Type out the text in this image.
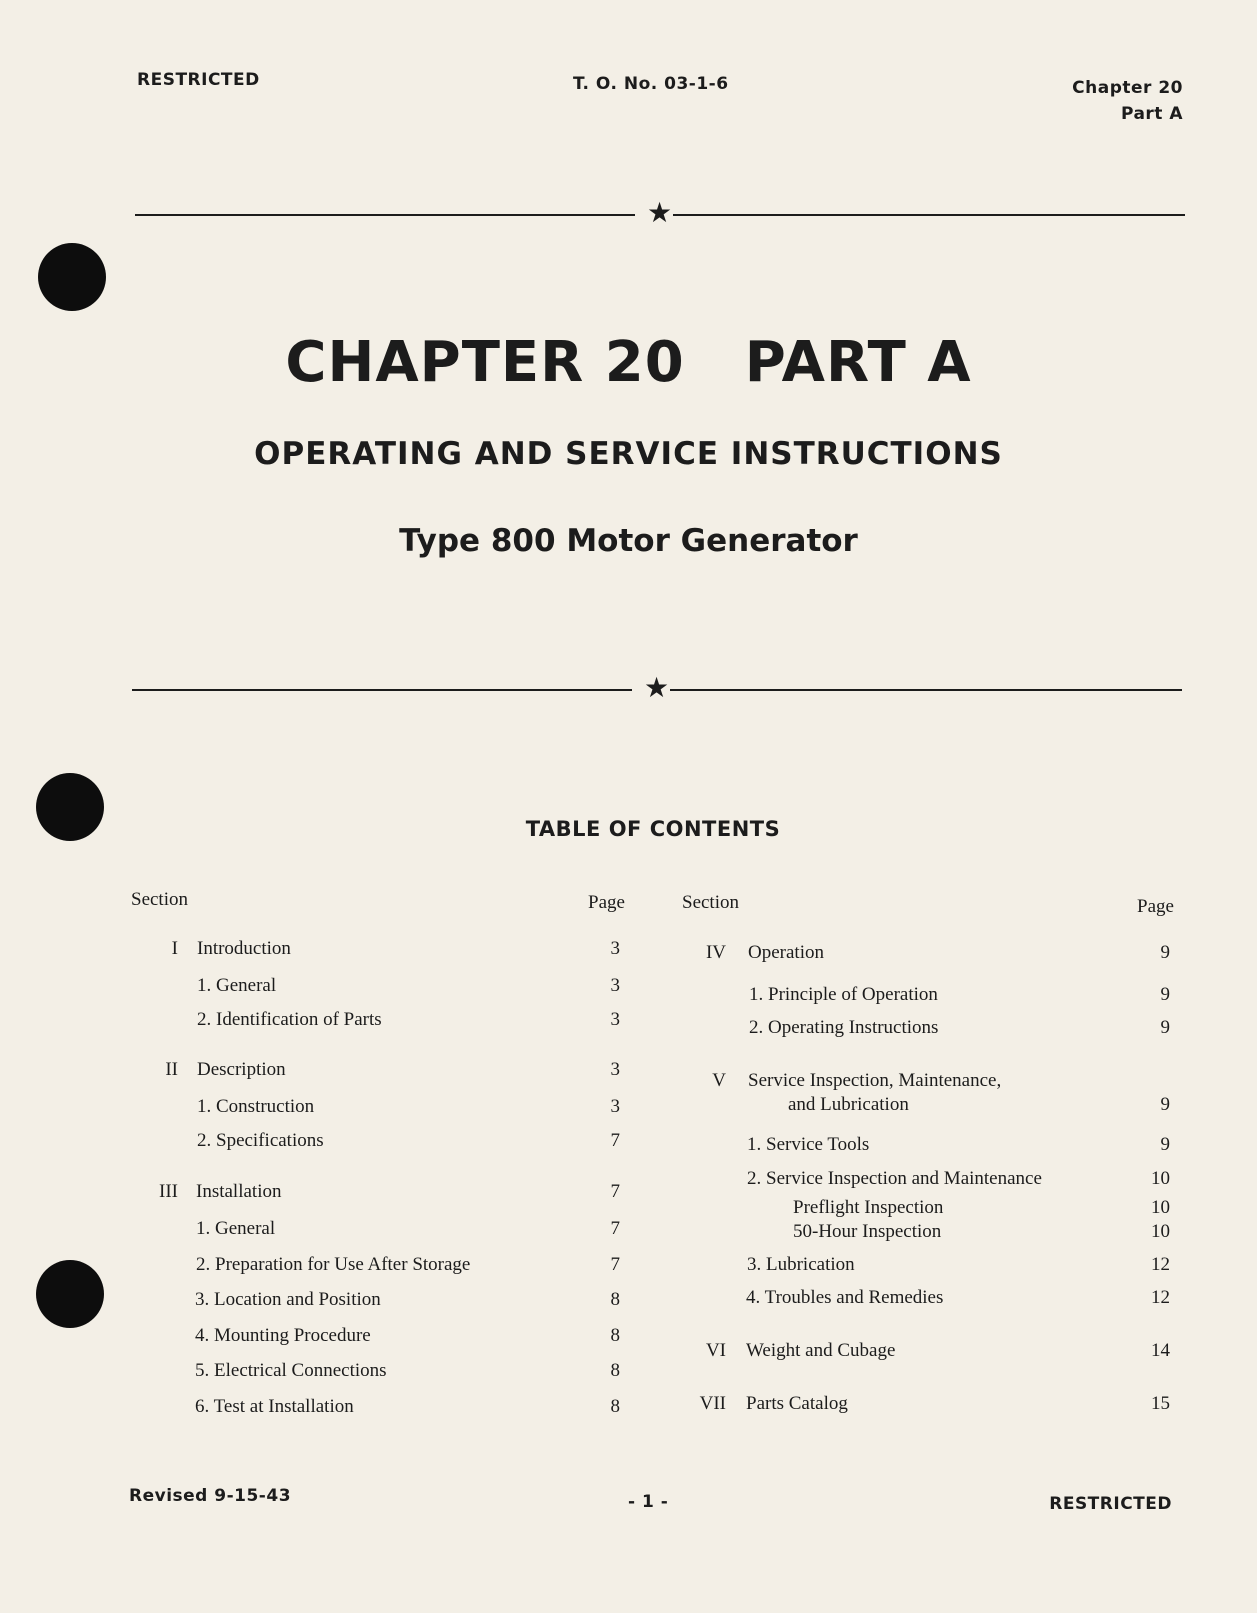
RESTRICTED	T. O. No. 03-1-6	Chapter 20
Part A
★
CHAPTER 20 PART A
OPERATING AND SERVICE INSTRUCTIONS
Type 800 Motor Generator
★
TABLE OF CONTENTS
Section	Page	Section	Page
I Introduction	3
1. General	3
2. Identification of Parts	3
II Description	3
1. Construction	3
2. Specifications	7
III Installation	7
1. General	7
2. Preparation for Use After Storage	7
3. Location and Position	8
4. Mounting Procedure	8
5. Electrical Connections	8
6. Test at Installation	8
IV Operation	9
1. Principle of Operation	9
2. Operating Instructions	9
V Service Inspection, Maintenance,
and Lubrication	9
1. Service Tools	9
2. Service Inspection and Maintenance	10
Preflight Inspection	10
50-Hour Inspection	10
3. Lubrication	12
4. Troubles and Remedies	12
VI Weight and Cubage	14
VII Parts Catalog	15
Revised 9-15-43	- 1 -	RESTRICTED
